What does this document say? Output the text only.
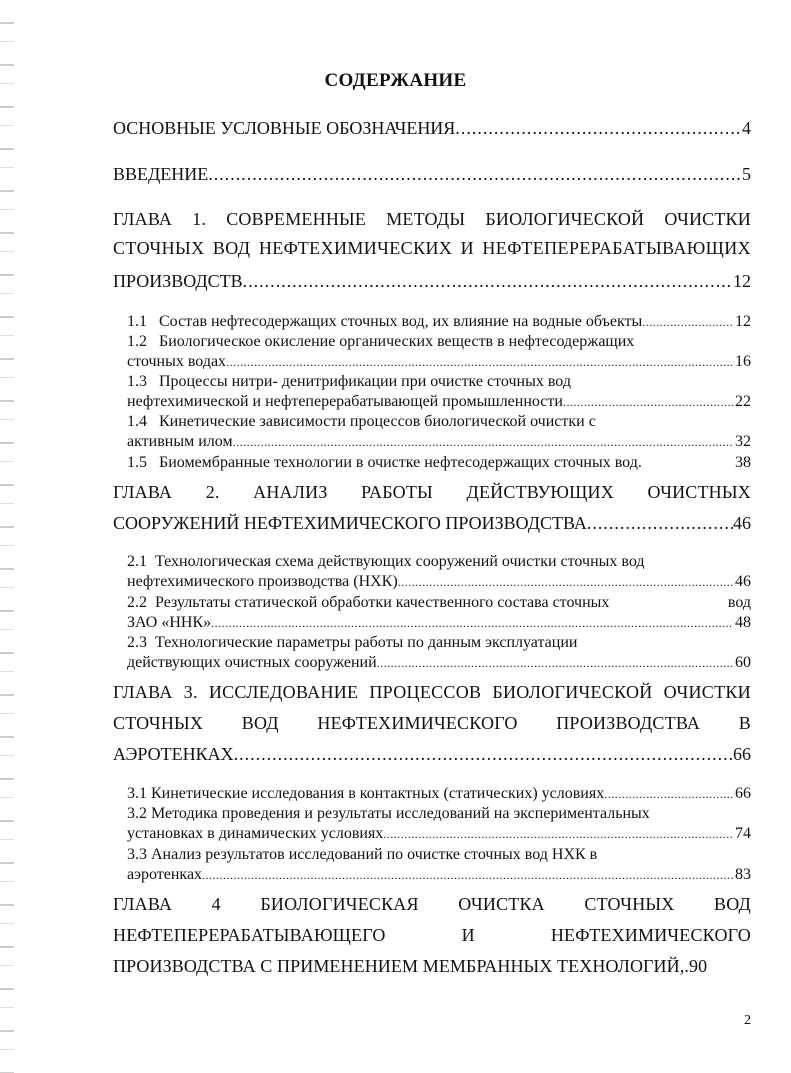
СОДЕРЖАНИЕ
ОСНОВНЫЕ УСЛОВНЫЕ ОБОЗНАЧЕНИЯ .....	4
ВВЕДЕНИЕ .....	5
ГЛАВА 1. СОВРЕМЕННЫЕ МЕТОДЫ БИОЛОГИЧЕСКОЙ ОЧИСТКИ
СТОЧНЫХ ВОД НЕФТЕХИМИЧЕСКИХ И НЕФТЕПЕРЕРАБАТЫВАЮЩИХ
ПРОИЗВОДСТВ .....	12
1.1 Состав нефтесодержащих сточных вод, их влияние на водные объекты .....	12
1.2 Биологическое окисление органических веществ в нефтесодержащих
сточных водах .....	16
1.3 Процессы нитри- денитрификации при очистке сточных вод
нефтехимической и нефтеперерабатывающей промышленности .....	22
1.4 Кинетические зависимости процессов биологической очистки с
активным илом .....	32
1.5 Биомембранные технологии в очистке нефтесодержащих сточных вод.	38
ГЛАВА 2. АНАЛИЗ РАБОТЫ ДЕЙСТВУЮЩИХ ОЧИСТНЫХ
СООРУЖЕНИЙ НЕФТЕХИМИЧЕСКОГО ПРОИЗВОДСТВА .....	46
2.1 Технологическая схема действующих сооружений очистки сточных вод
нефтехимического производства (НХК) .....	46
2.2 Результаты статической обработки качественного состава сточных	вод
ЗАО «ННК» .....	48
2.3 Технологические параметры работы по данным эксплуатации
действующих очистных сооружений .....	60
ГЛАВА 3. ИССЛЕДОВАНИЕ ПРОЦЕССОВ БИОЛОГИЧЕСКОЙ ОЧИСТКИ
СТОЧНЫХ ВОД НЕФТЕХИМИЧЕСКОГО ПРОИЗВОДСТВА В
АЭРОТЕНКАХ .....	66
3.1 Кинетические исследования в контактных (статических) условиях .....	66
3.2 Методика проведения и результаты исследований на экспериментальных
установках в динамических условиях .....	74
3.3 Анализ результатов исследований по очистке сточных вод НХК в
аэротенках .....	83
ГЛАВА 4 БИОЛОГИЧЕСКАЯ ОЧИСТКА СТОЧНЫХ ВОД
НЕФТЕПЕРЕРАБАТЫВАЮЩЕГО	И	НЕФТЕХИМИЧЕСКОГО
ПРОИЗВОДСТВА С ПРИМЕНЕНИЕМ МЕМБРАННЫХ ТЕХНОЛОГИЙ ,. 90
2
